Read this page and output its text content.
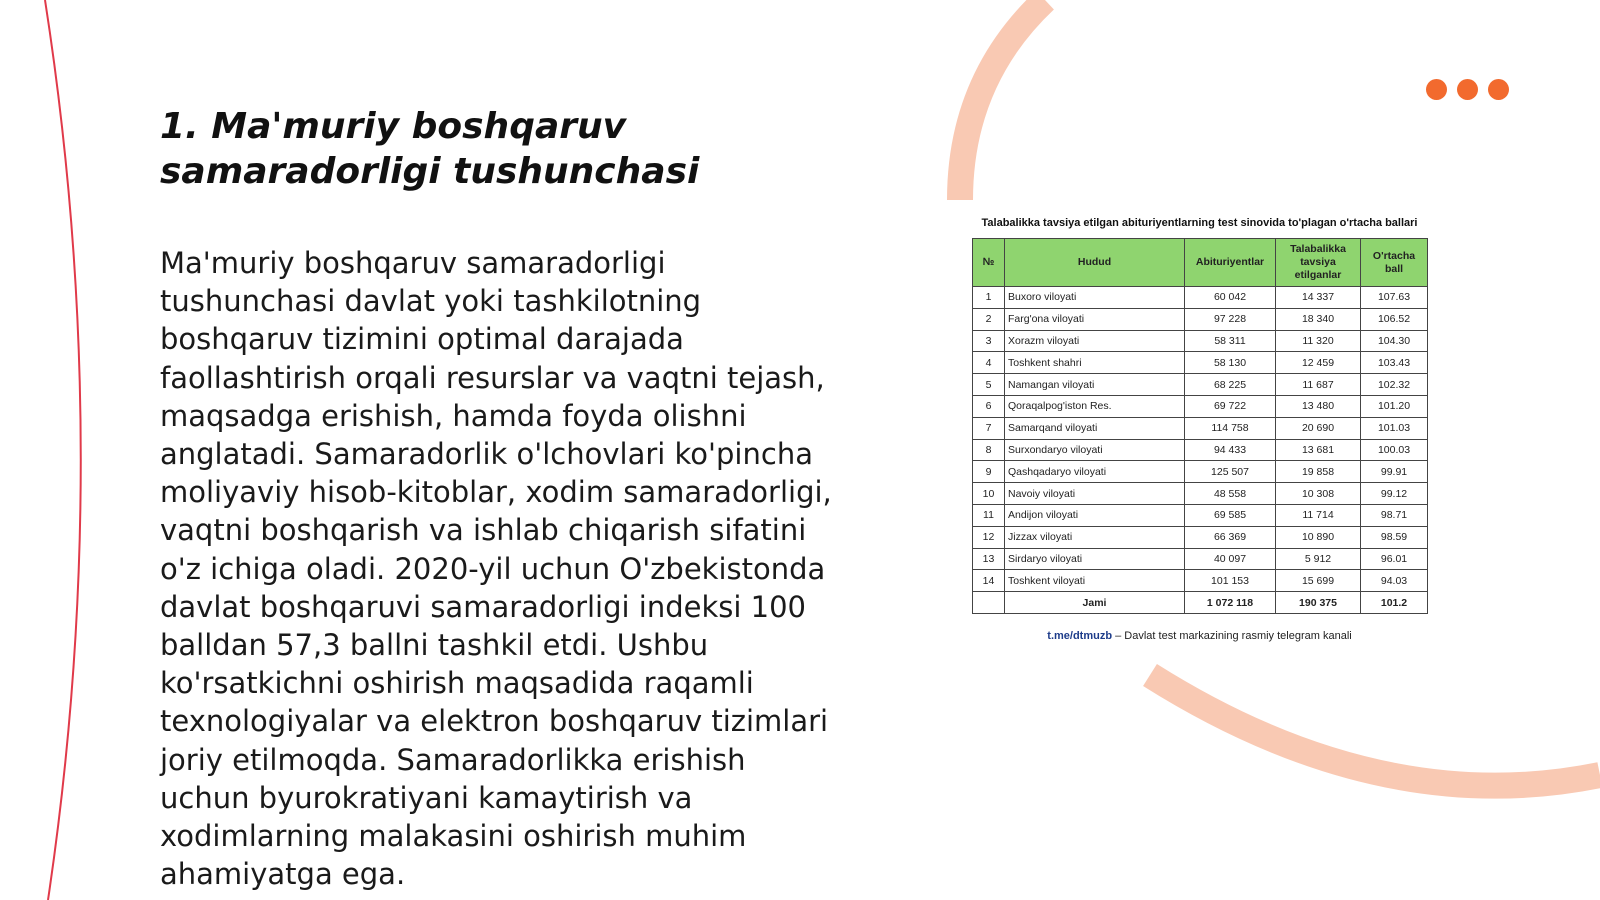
1. Ma'muriy boshqaruv samaradorligi tushunchasi

Ma'muriy boshqaruv samaradorligi tushunchasi davlat yoki tashkilotning boshqaruv tizimini optimal darajada faollashtirish orqali resurslar va vaqtni tejash, maqsadga erishish, hamda foyda olishni anglatadi. Samaradorlik o'lchovlari ko'pincha moliyaviy hisob-kitoblar, xodim samaradorligi, vaqtni boshqarish va ishlab chiqarish sifatini o'z ichiga oladi. 2020-yil uchun O'zbekistonda davlat boshqaruvi samaradorligi indeksi 100 balldan 57,3 ballni tashkil etdi. Ushbu ko'rsatkichni oshirish maqsadida raqamli texnologiyalar va elektron boshqaruv tizimlari joriy etilmoqda. Samaradorlikka erishish uchun byurokratiyani kamaytirish va xodimlarning malakasini oshirish muhim ahamiyatga ega.

Talabalikka tavsiya etilgan abituriyentlarning test sinovida to'plagan o'rtacha ballari
№	Hudud	Abituriyentlar	Talabalikka tavsiya etilganlar	O'rtacha ball
1	Buxoro viloyati	60 042	14 337	107.63
2	Farg'ona viloyati	97 228	18 340	106.52
3	Xorazm viloyati	58 311	11 320	104.30
4	Toshkent shahri	58 130	12 459	103.43
5	Namangan viloyati	68 225	11 687	102.32
6	Qoraqalpog'iston Res.	69 722	13 480	101.20
7	Samarqand viloyati	114 758	20 690	101.03
8	Surxondaryo viloyati	94 433	13 681	100.03
9	Qashqadaryo viloyati	125 507	19 858	99.91
10	Navoiy viloyati	48 558	10 308	99.12
11	Andijon viloyati	69 585	11 714	98.71
12	Jizzax viloyati	66 369	10 890	98.59
13	Sirdaryo viloyati	40 097	5 912	96.01
14	Toshkent viloyati	101 153	15 699	94.03
	Jami	1 072 118	190 375	101.2
t.me/dtmuzb – Davlat test markazining rasmiy telegram kanali
